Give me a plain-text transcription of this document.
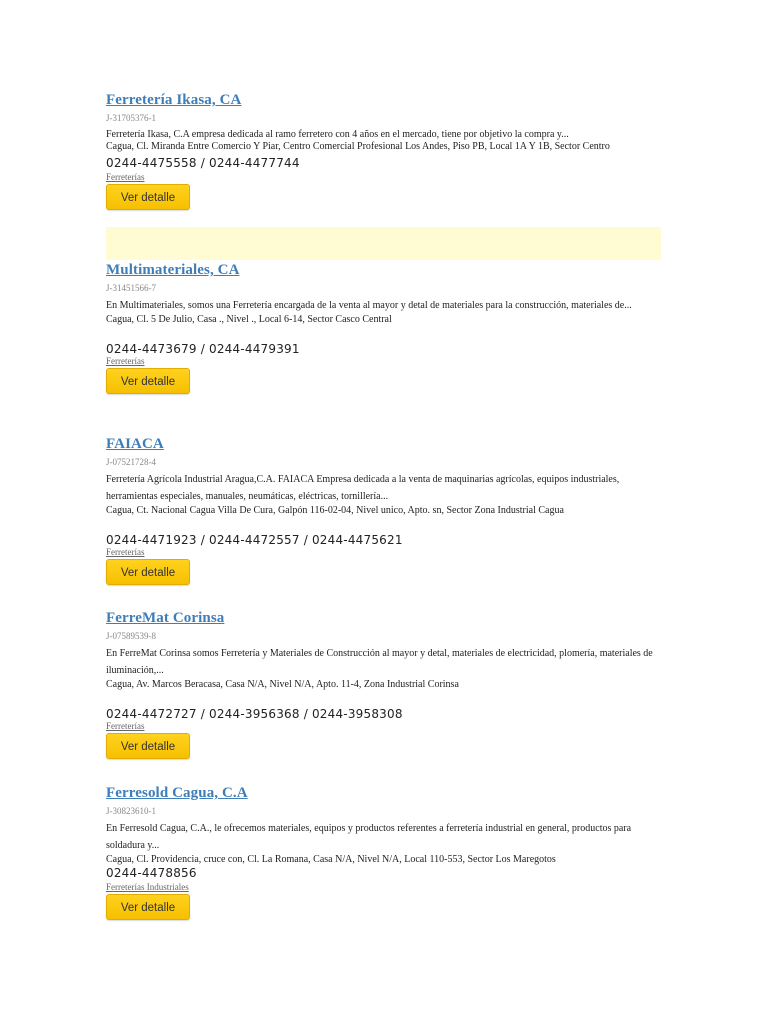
Ferretería Ikasa, CA
J-31705376-1
Ferretería Ikasa, C.A empresa dedicada al ramo ferretero con 4 años en el mercado, tiene por objetivo la compra y...
Cagua, Cl. Miranda Entre Comercio Y Piar, Centro Comercial Profesional Los Andes, Piso PB, Local 1A Y 1B, Sector Centro
0244-4475558 / 0244-4477744
Ferreterías
Ver detalle
Multimateriales, CA
J-31451566-7
En Multimateriales, somos una Ferretería encargada de la venta al mayor y detal de materiales para la construcción, materiales de...
Cagua, Cl. 5 De Julio, Casa ., Nivel ., Local 6-14, Sector Casco Central
0244-4473679 / 0244-4479391
Ferreterías
Ver detalle
FAIACA
J-07521728-4
Ferretería Agrícola Industrial Aragua,C.A. FAIACA Empresa dedicada a la venta de maquinarias agrícolas, equipos industriales, herramientas especiales, manuales, neumáticas, eléctricas, tornillería...
Cagua, Ct. Nacional Cagua Villa De Cura, Galpón 116-02-04, Nivel unico, Apto. sn, Sector Zona Industrial Cagua
0244-4471923 / 0244-4472557 / 0244-4475621
Ferreterías
Ver detalle
FerreMat Corinsa
J-07589539-8
En FerreMat Corinsa somos Ferretería y Materiales de Construcción al mayor y detal, materiales de electricidad, plomería, materiales de iluminación,...
Cagua, Av. Marcos Beracasa, Casa N/A, Nivel N/A, Apto. 11-4, Zona Industrial Corinsa
0244-4472727 / 0244-3956368 / 0244-3958308
Ferreterías
Ver detalle
Ferresold Cagua, C.A
J-30823610-1
En Ferresold Cagua, C.A., le ofrecemos materiales, equipos y productos referentes a ferretería industrial en general, productos para soldadura y...
Cagua, Cl. Providencia, cruce con, Cl. La Romana, Casa N/A, Nivel N/A, Local 110-553, Sector Los Maregotos
0244-4478856
Ferreterías Industriales
Ver detalle
